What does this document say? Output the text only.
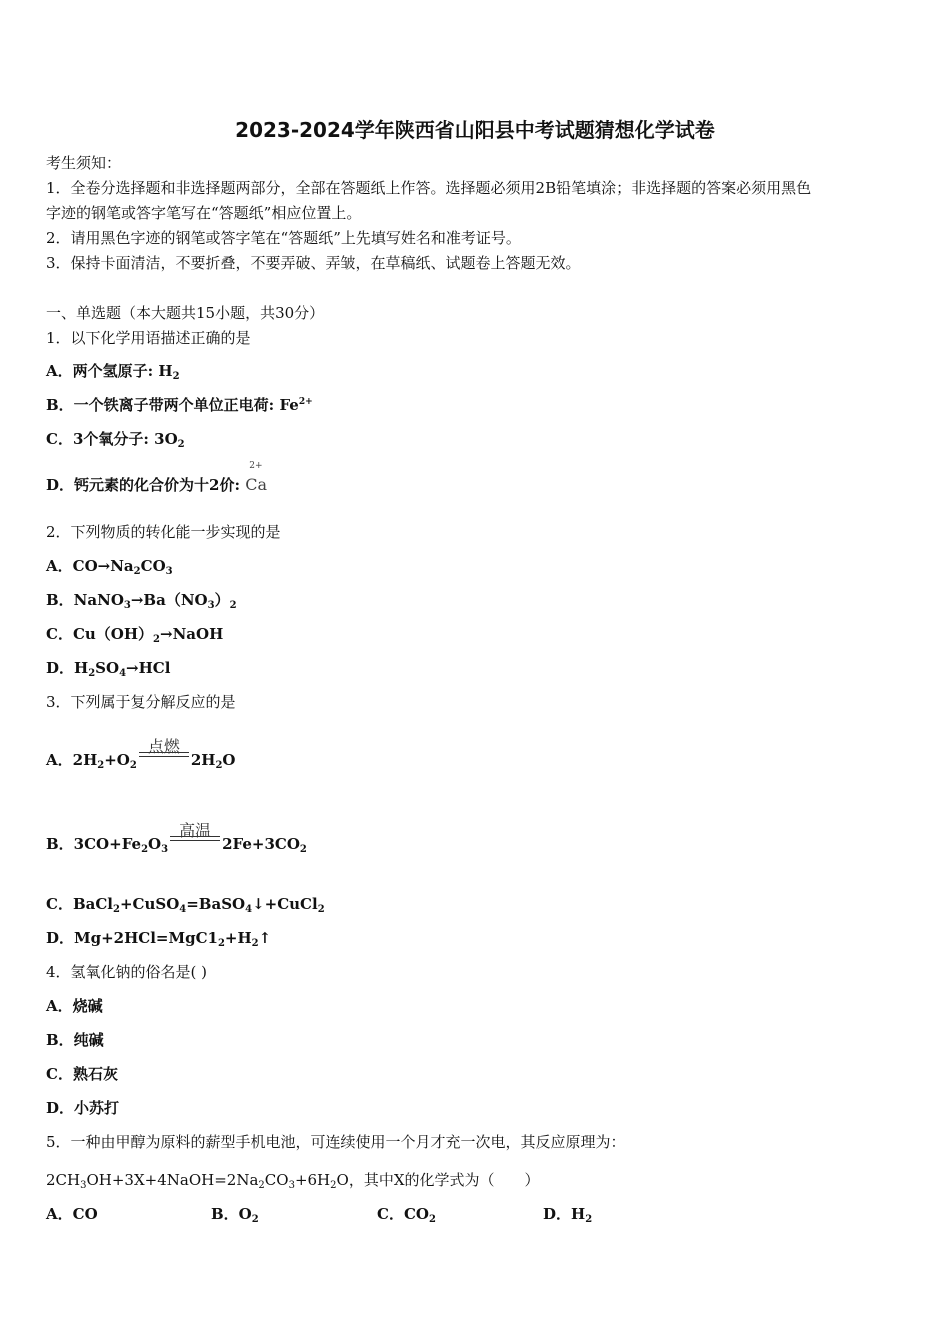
2023-2024学年陕西省山阳县中考试题猜想化学试卷
考生须知：
1．全卷分选择题和非选择题两部分，全部在答题纸上作答。选择题必须用2B铅笔填涂；非选择题的答案必须用黑色
字迹的钢笔或答字笔写在“答题纸”相应位置上。
2．请用黑色字迹的钢笔或答字笔在“答题纸”上先填写姓名和准考证号。
3．保持卡面清洁，不要折叠，不要弄破、弄皱，在草稿纸、试题卷上答题无效。
一、单选题（本大题共15小题，共30分）
1．以下化学用语描述正确的是
A．两个氢原子: $H_2$
B．一个铁离子带两个单位正电荷: $Fe^{2+}$
C．3个氧分子: $3O_2$
D．钙元素的化合价为十2价:
2+
Ca
2．下列物质的转化能一步实现的是
A．$CO\to Na_2CO_3$
B．$NaNO_3\to Ba(NO_3)_2$
C．$Cu(OH)_2\to NaOH$
D．$H_2SO_4\to HCl$
3．下列属于复分解反应的是
A．$2H_2+O_2$
点燃
$2H_2O$
B．$3CO+Fe_2O_3$
高温
$2Fe+3CO_2$
C．BaCl$_2$+CuSO$_4$=BaSO$_4$↓+CuCl$_2$
D．$Mg+2HCl=MgC1_2+H_2↑$
4．氢氧化钠的俗名是( )
A．烧碱
B．纯碱
C．熟石灰
D．小苏打
5．一种由甲醇为原料的薪型手机电池，可连续使用一个月才充一次电，其反应原理为：
$2CH_3OH+3X+4NaOH=2Na_2CO_3+6H_2O$，其中X的化学式为（　　）
A．CO	B．$O_2$	C．$CO_2$	D．$H_2$
